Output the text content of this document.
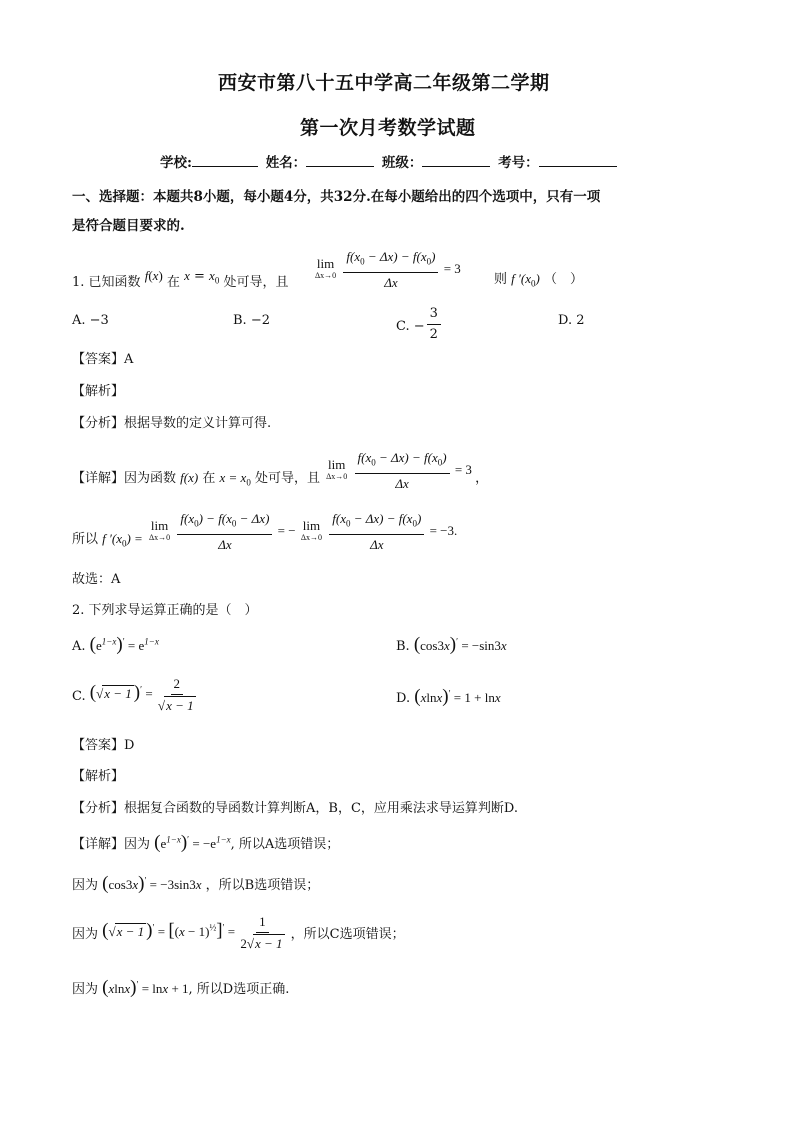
西安市第八十五中学高二年级第二学期
第一次月考数学试题
学校:	姓名：	班级：	考号：
一、选择题：本题共8小题，每小题4分，共32分.在每小题给出的四个选项中，只有一项
是符合题目要求的.
1. 已知函数 f(x) 在 $x = x_0$ 处可导，且
lim
Δx→0
$\frac{f(x_0 - \Delta x) - f(x_0)}{\Delta x} = 3$
则 f $'(x_0)$ （　）
A. −3	B. −2	C. − $\frac{3}{2}$	D. 2
【答案】A
【解析】
【分析】根据导数的定义计算可得.
【详解】因为函数 f(x) 在 $x = x_0$ 处可导，且
lim
Δx→0
$\frac{f(x_0 - \Delta x) - f(x_0)}{\Delta x} = 3$ ，
所以 f $'(x_0)$ =
lim
Δx→0
$\frac{f(x_0) - f(x_0 - \Delta x)}{\Delta x}$ = − lim
Δx→0
$\frac{f(x_0 - \Delta x) - f(x_0)}{\Delta x} = -3$.
故选：A
2. 下列求导运算正确的是（　）
A. $(e^{1-x})' = e^{1-x}$	B. (cos3x)′ = −sin3x
C. (√x − 1 )$' = \frac{2}{√x - 1}$	D. (xlnx)′ = 1 + lnx
【答案】D
【解析】
【分析】根据复合函数的导函数计算判断A，B，C，应用乘法求导运算判断D.
【详解】因为 $(e^{1-x})' = -e^{1-x}$, 所以A选项错误；
因为 (cos3x)′ = −3sin3x ，所以B选项错误；
因为 (√x − 1 )$' = [(x - 1)^{\frac{1}{2}}]' = \frac{1}{2√x - 1}$ ，所以C选项错误；
因为 (xlnx)′ = lnx + 1, 所以D选项正确.
